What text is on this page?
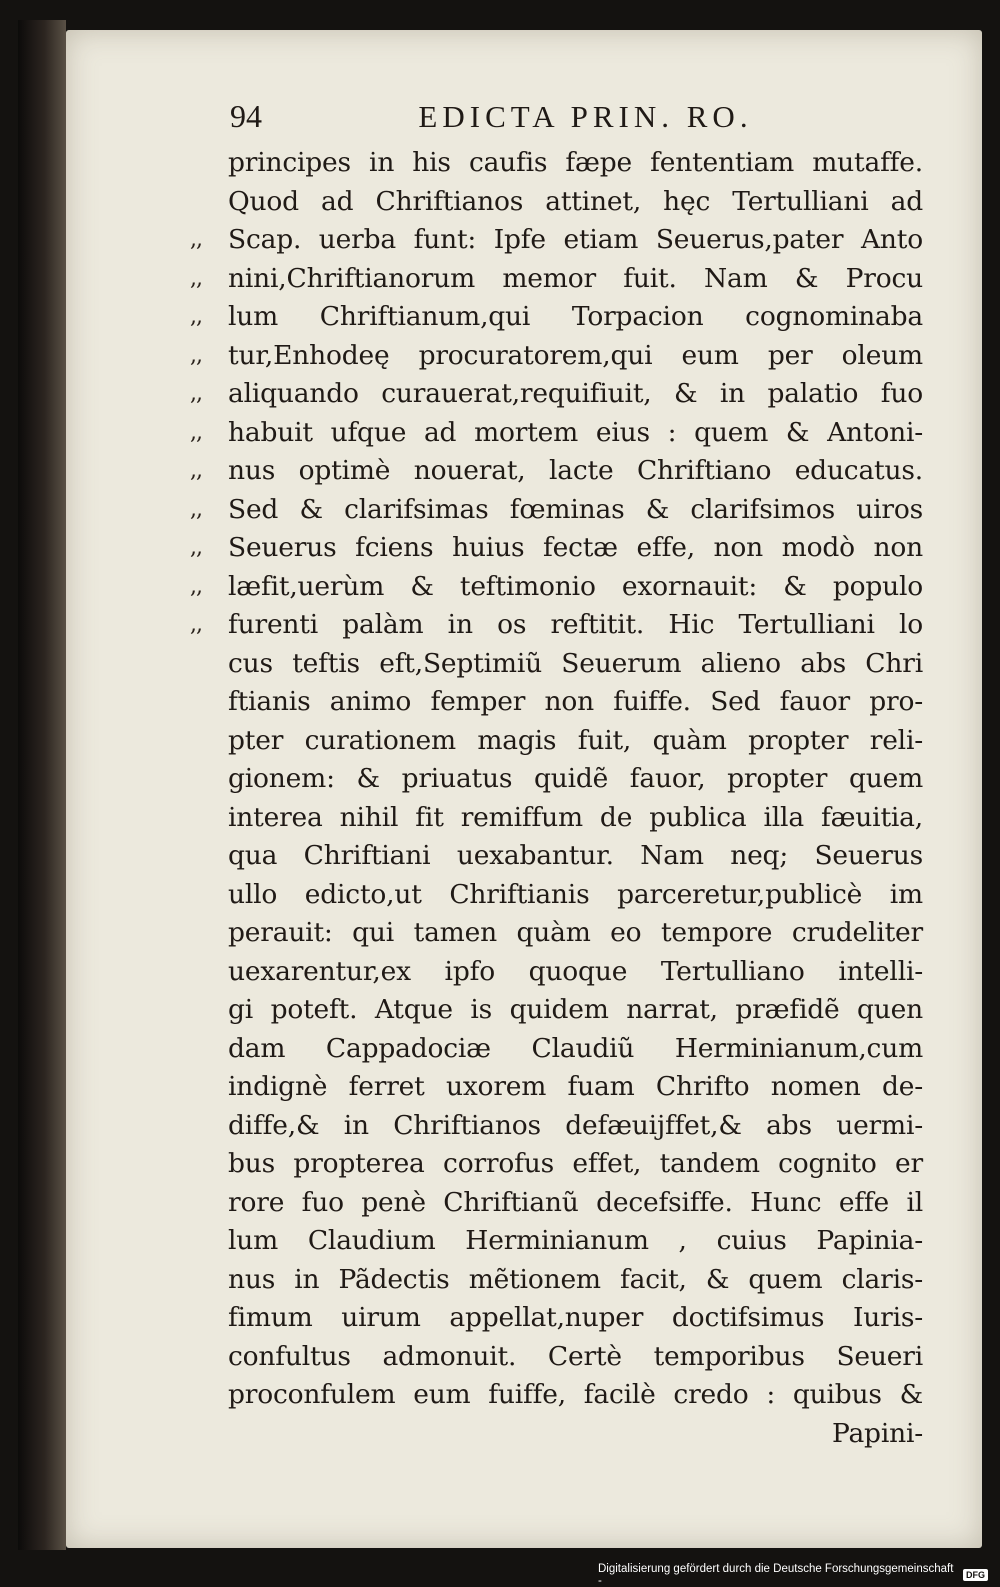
94	EDICTA PRIN. RO.
principes in his caufis fæpe fententiam mutaffe.
Quod ad Chriftianos attinet, hęc Tertulliani ad
,, Scap. uerba funt: Ipfe etiam Seuerus,pater Anto
,, nini,Chriftianorum memor fuit. Nam & Procu
,, lum Chriftianum,qui Torpacion cognominaba
,, tur,Enhodeę procuratorem,qui eum per oleum
,, aliquando curauerat,requifiuit, & in palatio fuo
,, habuit ufque ad mortem eius : quem & Antoni-
,, nus optimè nouerat, lacte Chriftiano educatus.
,, Sed & clarifsimas fœminas & clarifsimos uiros
,, Seuerus fciens huius fectæ effe, non modò non
,, læfit,uerùm & teftimonio exornauit: & populo
,, furenti palàm in os reftitit. Hic Tertulliani lo
cus teftis eft,Septimiũ Seuerum alieno abs Chri
ftianis animo femper non fuiffe. Sed fauor pro-
pter curationem magis fuit, quàm propter reli-
gionem: & priuatus quidẽ fauor, propter quem
interea nihil fit remiffum de publica illa fæuitia,
qua Chriftiani uexabantur. Nam neq; Seuerus
ullo edicto,ut Chriftianis parceretur,publicè im
perauit: qui tamen quàm eo tempore crudeliter
uexarentur,ex ipfo quoque Tertulliano intelli-
gi poteft. Atque is quidem narrat, præfidẽ quen
dam Cappadociæ Claudiũ Herminianum,cum
indignè ferret uxorem fuam Chrifto nomen de-
diffe,& in Chriftianos defæuijffet,& abs uermi-
bus propterea corrofus effet, tandem cognito er
rore fuo penè Chriftianũ decefsiffe. Hunc effe il
lum Claudium Herminianum , cuius Papinia-
nus in Pãdectis mẽtionem facit, & quem claris-
fimum uirum appellat,nuper doctifsimus Iuris-
confultus admonuit. Certè temporibus Seueri
proconfulem eum fuiffe, facilè credo : quibus &
Papini-
Digitalisierung gefördert durch die Deutsche Forschungsgemeinschaft -	DFG
